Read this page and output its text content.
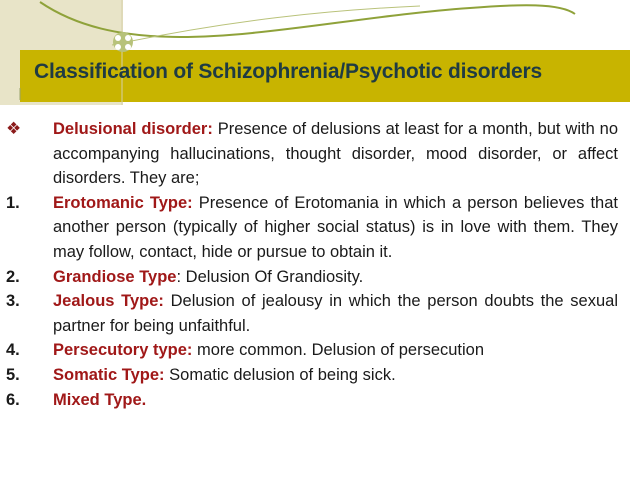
Classification of Schizophrenia/Psychotic disorders
❖	Delusional disorder: Presence of delusions at least for a month, but with no accompanying hallucinations, thought disorder, mood disorder, or affect disorders. They are;
1.	Erotomanic Type: Presence of Erotomania in which a person believes that another person (typically of higher social status) is in love with them. They may follow, contact, hide or pursue to obtain it.
2.	Grandiose Type: Delusion Of Grandiosity.
3.	Jealous Type: Delusion of jealousy in which the person doubts the sexual partner for being unfaithful.
4.	Persecutory type: more common. Delusion of persecution
5.	Somatic Type: Somatic delusion of being sick.
6.	Mixed Type.
